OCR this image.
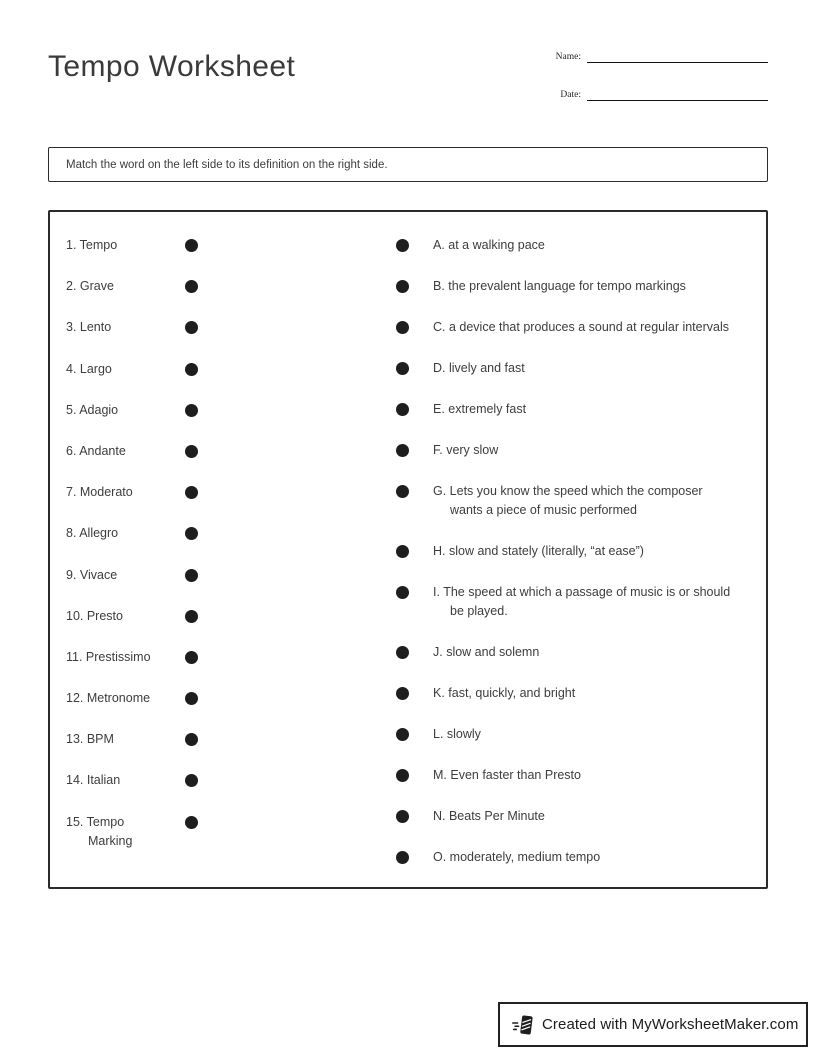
Tempo Worksheet	Name:
Date:
Match the word on the left side to its definition on the right side.
1. Tempo
2. Grave
3. Lento
4. Largo
5. Adagio
6. Andante
7. Moderato
8. Allegro
9. Vivace
10. Presto
11. Prestissimo
12. Metronome
13. BPM
14. Italian
15. Tempo
Marking
A. at a walking pace
B. the prevalent language for tempo markings
C. a device that produces a sound at regular intervals
D. lively and fast
E. extremely fast
F. very slow
G. Lets you know the speed which the composer
wants a piece of music performed
H. slow and stately (literally, “at ease”)
I. The speed at which a passage of music is or should
be played.
J. slow and solemn
K. fast, quickly, and bright
L. slowly
M. Even faster than Presto
N. Beats Per Minute
O. moderately, medium tempo
Created with MyWorksheetMaker.com
